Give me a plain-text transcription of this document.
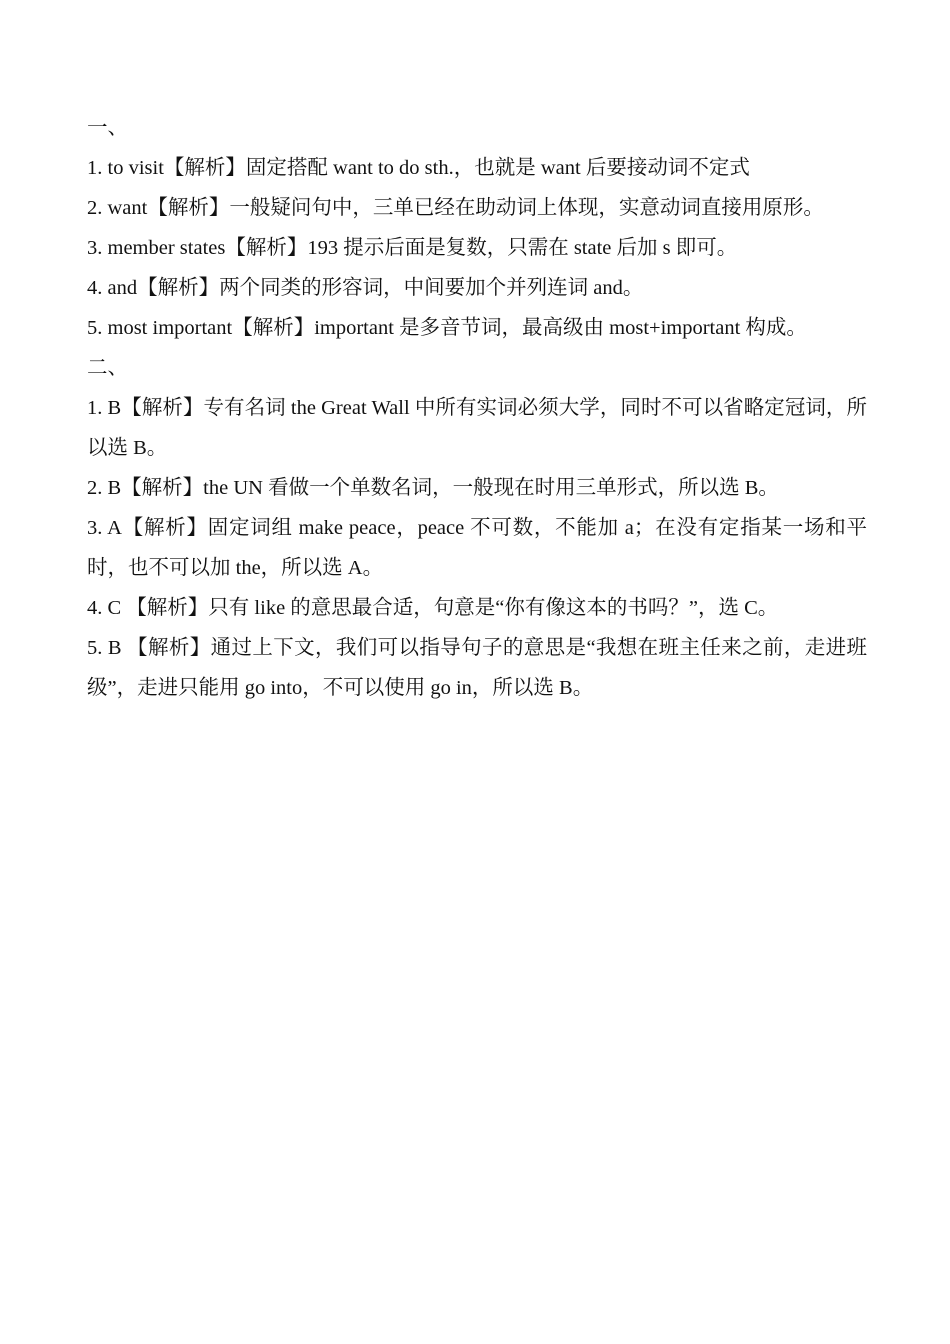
一、
1. to visit【解析】固定搭配 want to do sth.，也就是 want 后要接动词不定式
2. want【解析】一般疑问句中，三单已经在助动词上体现，实意动词直接用原形。
3. member states【解析】193 提示后面是复数，只需在 state 后加 s 即可。
4. and【解析】两个同类的形容词，中间要加个并列连词 and。
5. most important【解析】important 是多音节词，最高级由 most+important 构成。
二、
1. B【解析】专有名词 the Great Wall 中所有实词必须大学，同时不可以省略定冠词，所以选 B。
2. B【解析】the UN 看做一个单数名词，一般现在时用三单形式，所以选 B。
3. A【解析】固定词组 make peace，peace 不可数，不能加 a；在没有定指某一场和平时，也不可以加 the，所以选 A。
4. C 【解析】只有 like 的意思最合适，句意是“你有像这本的书吗？”，选 C。
5. B 【解析】通过上下文，我们可以指导句子的意思是“我想在班主任来之前，走进班级”，走进只能用 go into，不可以使用 go in，所以选 B。
